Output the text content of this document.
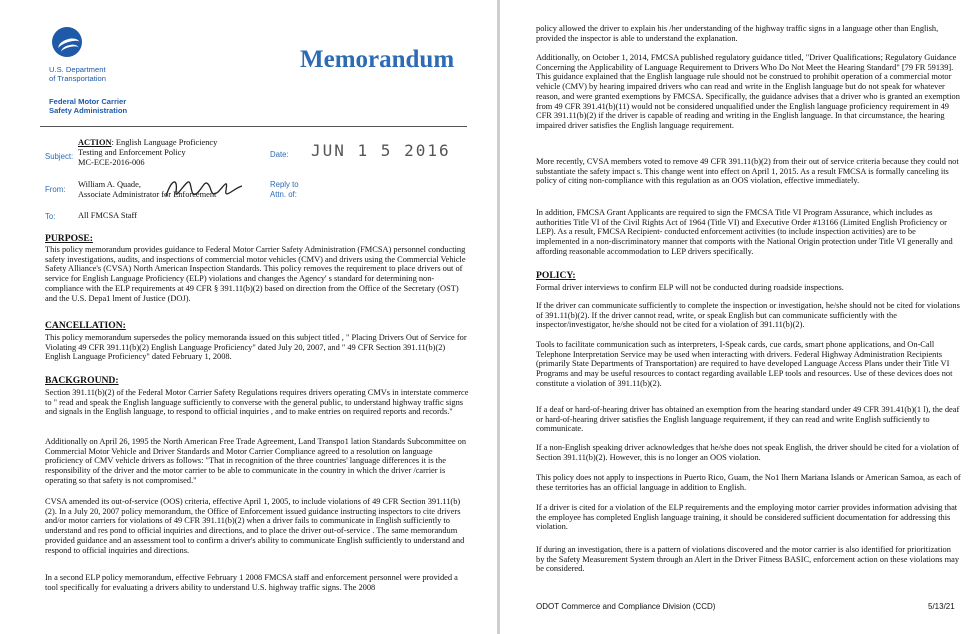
U.S. Department
of Transportation
Federal Motor Carrier
Safety Administration
Memorandum
Subject:
ACTION: English Language Proficiency
Testing and Enforcement Policy
MC-ECE-2016-006
Date: JUN 1 5 2016
From:
William A. Quade,
Associate Administrator for Enforcement
Reply to
Attn. of:
To:	All FMCSA Staff
PURPOSE:

This policy memorandum provides guidance to Federal Motor Carrier Safety Administration (FMCSA) personnel conducting safety investigations, audits, and inspections of commercial motor vehicles (CMV) and drivers using the Commercial Vehicle Safety Alliance's (CVSA) North American Inspection Standards. This policy removes the requirement to place drivers out of service for English Language Proficiency (ELP) violations and changes the Agency' s standard for determining non-compliance with the ELP requirements at 49 CFR § 391.11(b)(2) based on direction from the Office of the Secretary (OST) and the U.S. Depa1 lment of Justice (DOJ).

CANCELLATION:

This policy memorandum supersedes the policy memoranda issued on this subject titled , " Placing Drivers Out of Service for Violating 49 CFR 391.11(b)(2) English Language Proficiency" dated July 20, 2007, and " 49 CFR Section 391.11(b)(2) English Language Proficiency" dated February 1, 2008.

BACKGROUND:

Section 391.11(b)(2) of the Federal Motor Carrier Safety Regulations requires drivers operating CMVs in interstate commerce to " read and speak the English language sufficiently to converse with the general public, to understand highway traffic signs and signals in the English language, to respond to official inquiries , and to make entries on required reports and records."

Additionally on April 26, 1995 the North American Free Trade Agreement, Land Transpo1 lation Standards Subcommittee on Commercial Motor Vehicle and Driver Standards and Motor Carrier Compliance agreed to a resolution on language proficiency of CMV vehicle drivers as follows: "That in recognition of the three countries' language differences it is the responsibility of the driver and the motor carrier to be able to communicate in the country in which the driver /carrier is operating so that safety is not compromised."

CVSA amended its out-of-service (OOS) criteria, effective April 1, 2005, to include violations of 49 CFR Section 391.11(b)(2). In a July 20, 2007 policy memorandum, the Office of Enforcement issued guidance instructing inspectors to cite drivers and/or motor carriers for violations of 49 CFR 391.11(b)(2) when a driver fails to communicate in English sufficiently to understand and res pond to official inquiries and directions, and to place the driver out-of-service . The same memorandum provided guidance and an assessment tool to confirm a driver's ability to communicate English sufficiently to understand and respond to official inquiries and directions.

In a second ELP policy memorandum, effective February 1 2008 FMCSA staff and enforcement personnel were provided a tool specifically for evaluating a drivers ability to understand U.S. highway traffic signs. The 2008

policy allowed the driver to explain his /her understanding of the highway traffic signs in a language other than English, provided the inspector is able to understand the explanation.

Additionally, on October 1, 2014, FMCSA published regulatory guidance titled, "Driver Qualifications; Regulatory Guidance Concerning the Applicability of Language Requirement to Drivers Who Do Not Meet the Hearing Standard" [79 FR 59139]. This guidance explained that the English language rule should not be construed to prohibit operation of a commercial motor vehicle (CMV) by hearing impaired drivers who can read and write in the English language but do not speak for whatever reason, and were granted exemptions by FMCSA. Specifically, the guidance advises that a driver who is granted an exemption from 49 CFR 391.41(b)(11) would not be considered unqualified under the English language proficiency requirement in 49 CFR 391.11(b)(2) if the driver is capable of reading and writing in the English language. In that circumstance, the hearing impaired driver satisfies the English language requirement.

More recently, CVSA members voted to remove 49 CFR 391.11(b)(2) from their out of service criteria because they could not substantiate the safety impact s. This change went into effect on April 1, 2015. As a result FMCSA is formally canceling its policy of citing non-compliance with this regulation as an OOS violation, effective immediately.

In addition, FMCSA Grant Applicants are required to sign the FMCSA Title VI Program Assurance, which includes as authorities Title VI of the Civil Rights Act of 1964 (Title VI) and Executive Order #13166 (Limited English Proficiency or LEP). As a result, FMCSA Recipient- conducted enforcement activities (to include inspection activities) are to be implemented in a non-discriminatory manner that comports with the National Origin protection under Title VI generally and affording reasonable accommodation to LEP drivers specifically.

POLICY:

Formal driver interviews to confirm ELP will not be conducted during roadside inspections.

If the driver can communicate sufficiently to complete the inspection or investigation, he/she should not be cited for violations of 391.11(b)(2). If the driver cannot read, write, or speak English but can communicate sufficiently with the inspector/investigator, he/she should not be cited for a violation of 391.11(b)(2).

Tools to facilitate communication such as interpreters, I-Speak cards, cue cards, smart phone applications, and On-Call Telephone Interpretation Service may be used when interacting with drivers. Federal Highway Administration Recipients (primarily State Departments of Transportation) are required to have developed Language Access Plans under their Title VI Programs and may be useful resources to contact regarding available LEP tools and resources. Use of these devices does not constitute a violation of 391.11(b)(2).

If a deaf or hard-of-hearing driver has obtained an exemption from the hearing standard under 49 CFR 391.41(b)(1 l), the deaf or hard-of-hearing driver satisfies the English language requirement, if they can read and write English sufficiently to communicate.

If a non-English speaking driver acknowledges that he/she does not speak English, the driver should be cited for a violation of Section 391.11(b)(2). However, this is no longer an OOS violation.

This policy does not apply to inspections in Puerto Rico, Guam, the No1 lhern Mariana Islands or American Samoa, as each of these territories has an official language in addition to English.

If a driver is cited for a violation of the ELP requirements and the employing motor carrier provides information advising that the employee has completed English language training, it should be considered sufficient documentation for addressing this violation.

If during an investigation, there is a pattern of violations discovered and the motor carrier is also identified for prioritization by the Safety Measurement System through an Alert in the Driver Fitness BASIC, enforcement action on these violations may be considered.

ODOT Commerce and Compliance Division (CCD)	5/13/21
